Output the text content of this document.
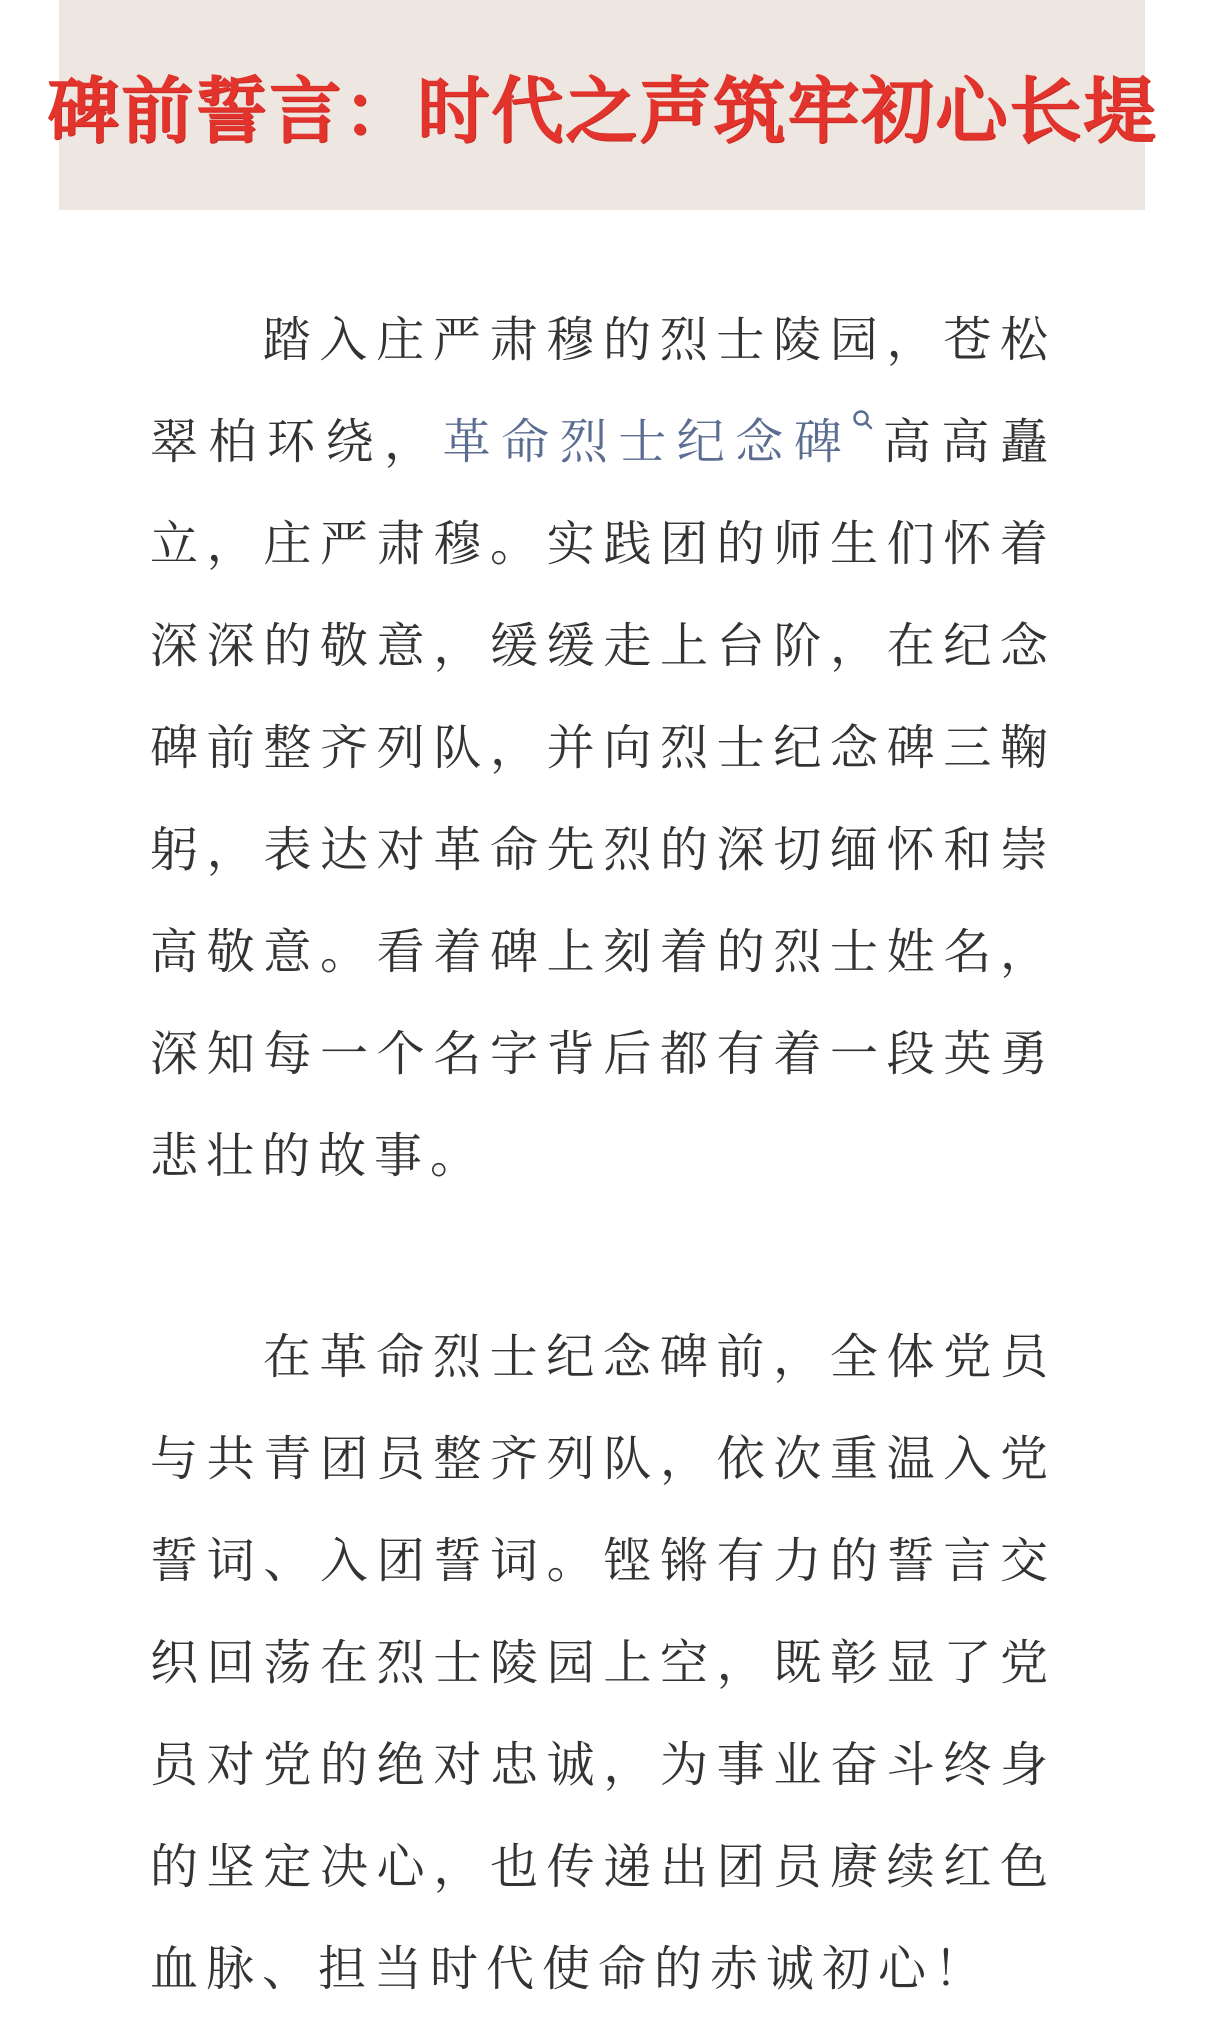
碑前誓言：时代之声筑牢初心长堤
踏入庄严肃穆的烈士陵园，苍松翠柏环绕，革命烈士纪念碑 高高矗立，庄严肃穆。实践团的师生们怀着深深的敬意，缓缓走上台阶，在纪念碑前整齐列队，并向烈士纪念碑三鞠躬，表达对革命先烈的深切缅怀和崇高敬意。看着碑上刻着的烈士姓名，深知每一个名字背后都有着一段英勇悲壮的故事。
在革命烈士纪念碑前，全体党员与共青团员整齐列队，依次重温入党誓词、入团誓词。铿锵有力的誓言交织回荡在烈士陵园上空，既彰显了党员对党的绝对忠诚，为事业奋斗终身的坚定决心，也传递出团员赓续红色血脉、担当时代使命的赤诚初心！
